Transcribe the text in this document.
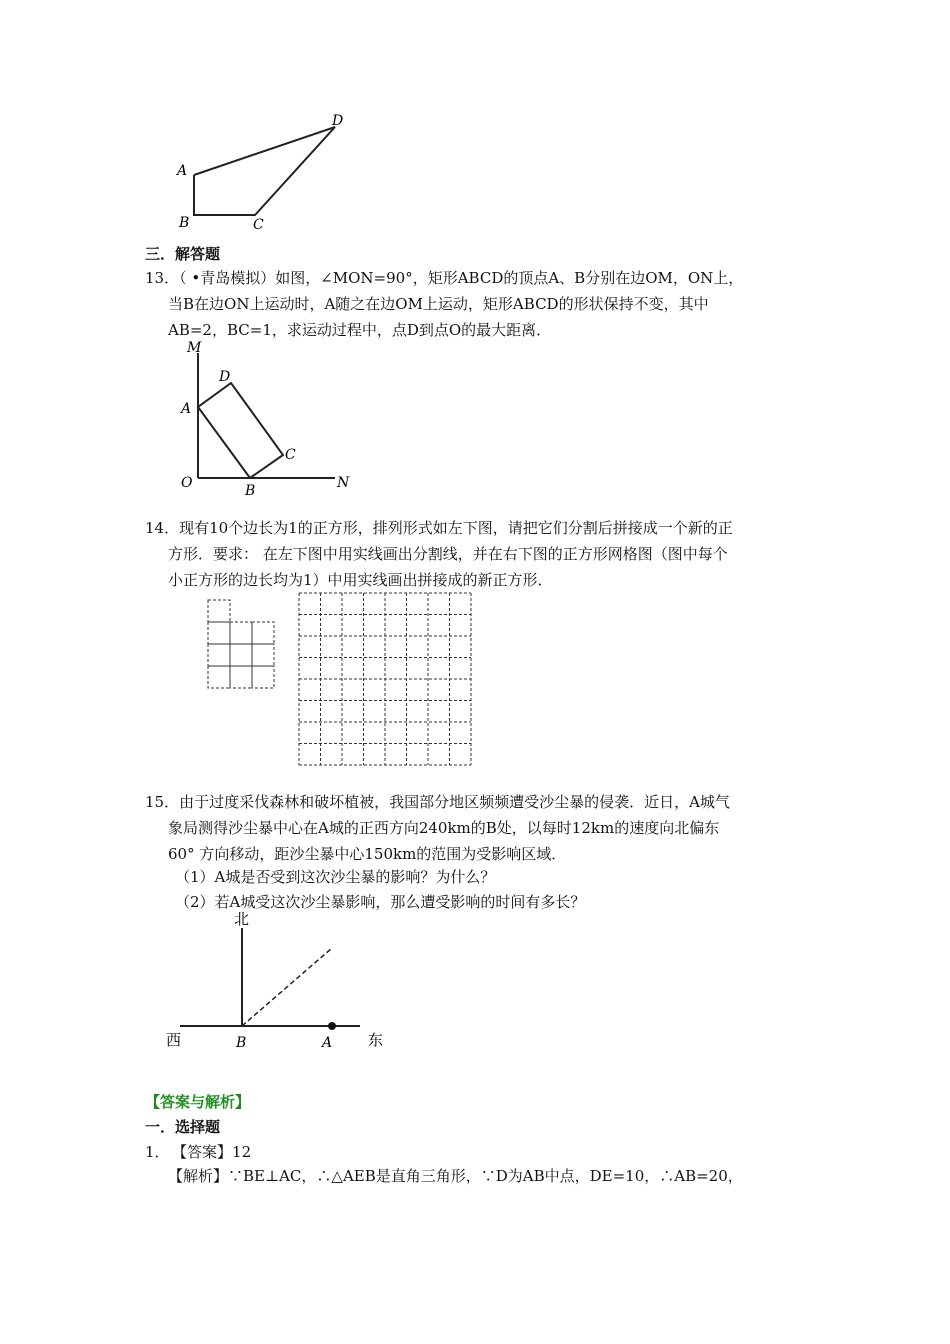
D
A
B	C
三．解答题
13．（ •青岛模拟）如图，∠MON=90°，矩形ABCD的顶点A、B分别在边OM，ON上，
当B在边ON上运动时，A随之在边OM上运动，矩形ABCD的形状保持不变，其中
AB=2，BC=1，求运动过程中，点D到点O的最大距离．
M
D
A
C
O	B	N
14．现有10个边长为1的正方形，排列形式如左下图，请把它们分割后拼接成一个新的正
方形．要求： 在左下图中用实线画出分割线，并在右下图的正方形网格图（图中每个
小正方形的边长均为1）中用实线画出拼接成的新正方形．
15．由于过度采伐森林和破坏植被，我国部分地区频频遭受沙尘暴的侵袭．近日，A城气
象局测得沙尘暴中心在A城的正西方向240km的B处，以每时12km的速度向北偏东
60° 方向移动，距沙尘暴中心150km的范围为受影响区域．
（1）A城是否受到这次沙尘暴的影响？为什么？
（2）若A城受这次沙尘暴影响，那么遭受影响的时间有多长？
北
西	东
B	A
【答案与解析】
一．选择题
1． 【答案】12
【解析】∵BE⊥AC，∴△AEB是直角三角形，∵D为AB中点，DE=10，∴AB=20，
